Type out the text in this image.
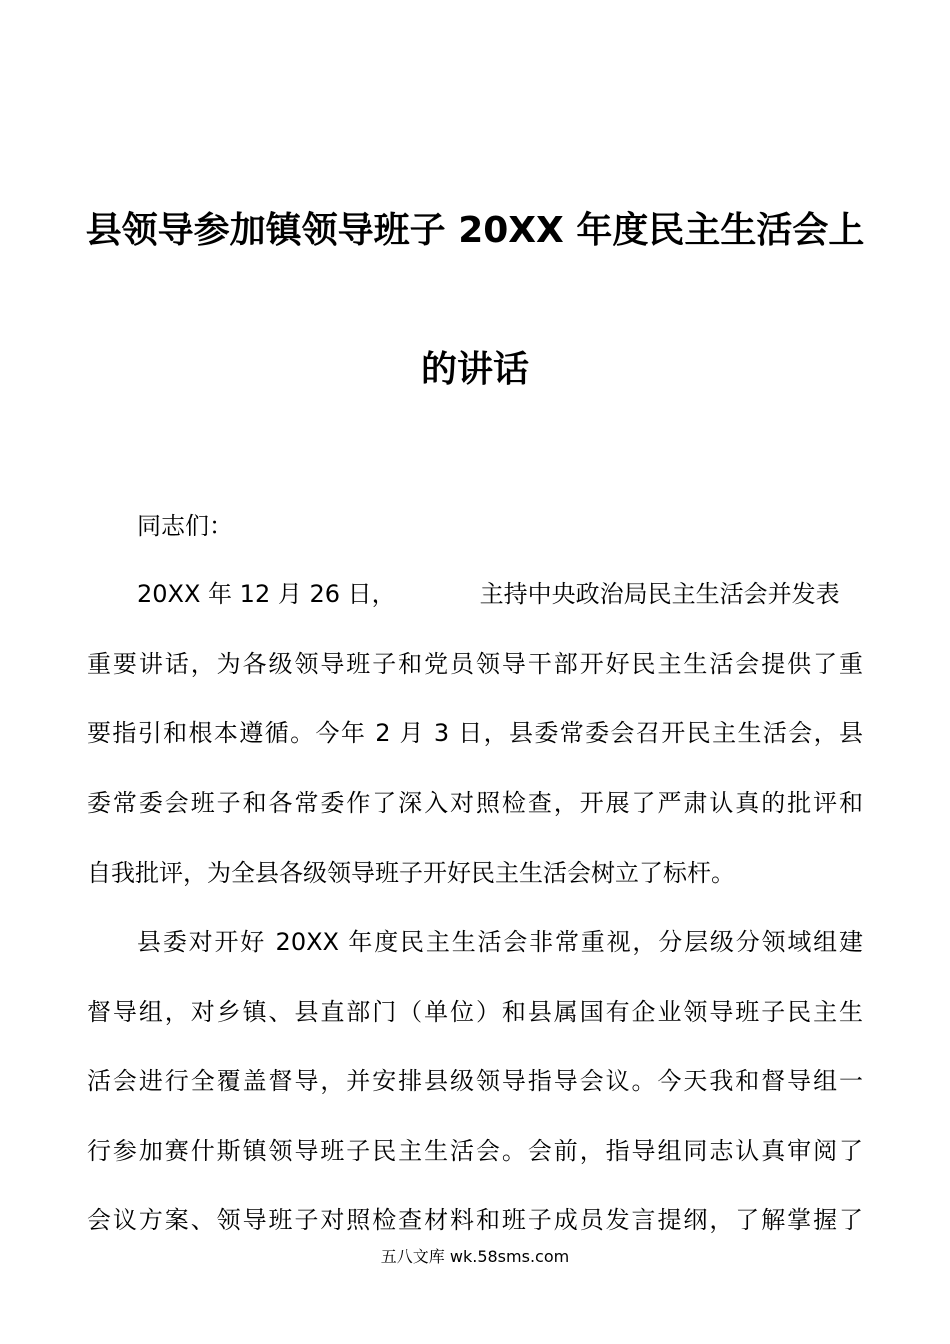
县领导参加镇领导班子 20XX 年度民主生活会上
的讲话
同志们：
20XX 年 12 月 26 日，	主持中央政治局民主生活会并发表
重要讲话，为各级领导班子和党员领导干部开好民主生活会提供了重
要指引和根本遵循。今年 2 月 3 日，县委常委会召开民主生活会，县
委常委会班子和各常委作了深入对照检查，开展了严肃认真的批评和
自我批评，为全县各级领导班子开好民主生活会树立了标杆。
县委对开好 20XX 年度民主生活会非常重视，分层级分领域组建
督导组，对乡镇、县直部门（单位）和县属国有企业领导班子民主生
活会进行全覆盖督导，并安排县级领导指导会议。今天我和督导组一
行参加赛什斯镇领导班子民主生活会。会前，指导组同志认真审阅了
会议方案、领导班子对照检查材料和班子成员发言提纲，了解掌握了
五八文库 wk.58sms.com
